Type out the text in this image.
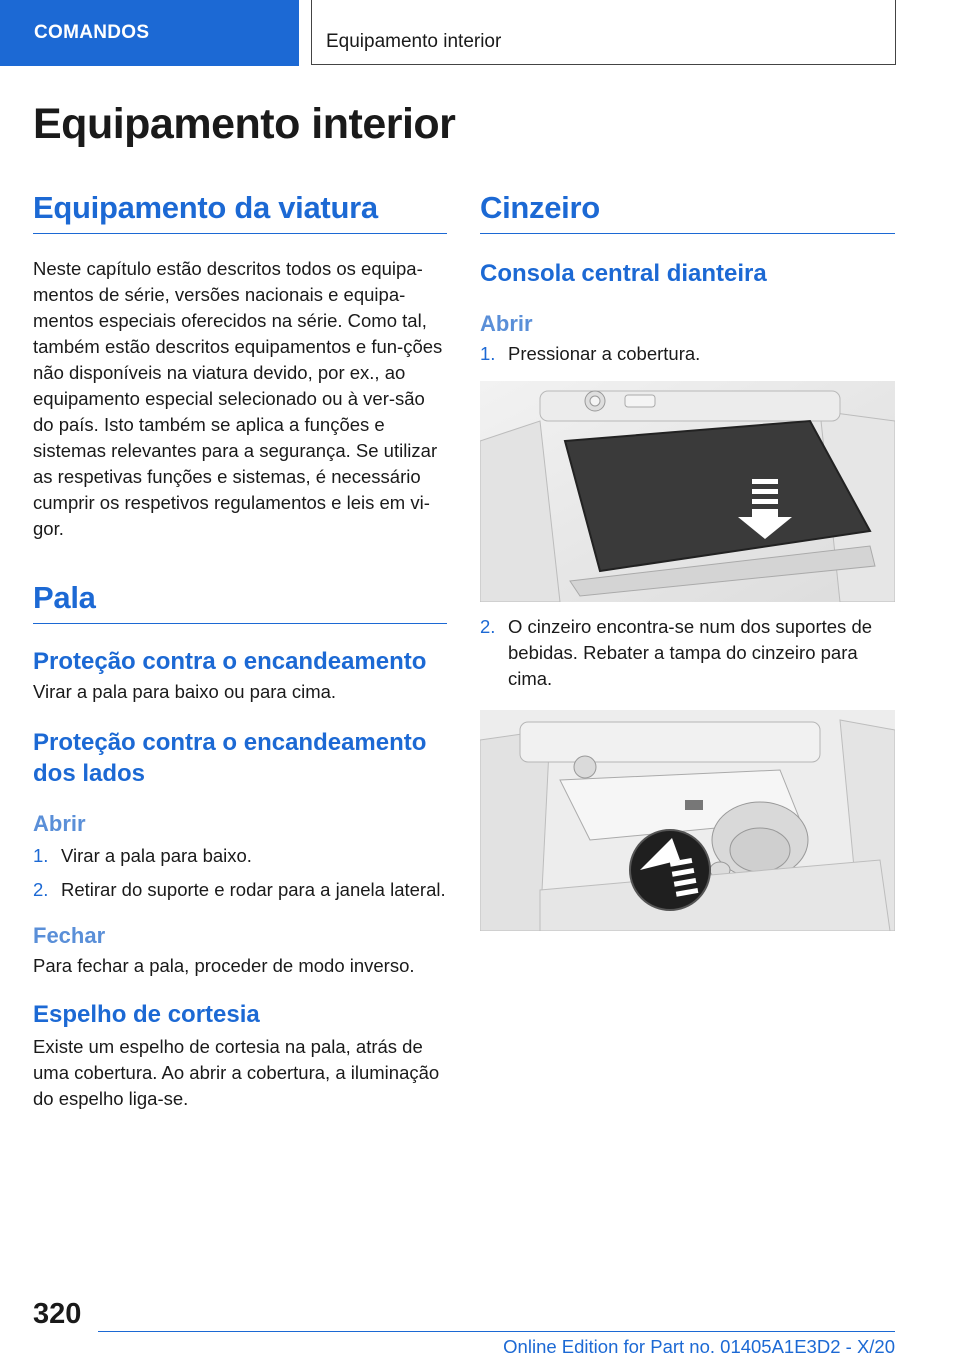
COMANDOS	Equipamento interior
Equipamento interior
Equipamento da viatura

Neste capítulo estão descritos todos os equipa-mentos de série, versões nacionais e equipa-mentos especiais oferecidos na série. Como tal, também estão descritos equipamentos e fun-ções não disponíveis na viatura devido, por ex., ao equipamento especial selecionado ou à ver-são do país. Isto também se aplica a funções e sistemas relevantes para a segurança. Se utilizar as respetivas funções e sistemas, é necessário cumprir os respetivos regulamentos e leis em vi-gor.

Pala
Proteção contra o encandeamento

Virar a pala para baixo ou para cima.

Proteção contra o encandeamento dos lados
Abrir
1. Virar a pala para baixo.
2. Retirar do suporte e rodar para a janela lateral.
Fechar

Para fechar a pala, proceder de modo inverso.

Espelho de cortesia

Existe um espelho de cortesia na pala, atrás de uma cobertura. Ao abrir a cobertura, a iluminação do espelho liga-se.

Cinzeiro
Consola central dianteira
Abrir
1. Pressionar a cobertura.
2. O cinzeiro encontra-se num dos suportes de bebidas. Rebater a tampa do cinzeiro para cima.
320
Online Edition for Part no. 01405A1E3D2 - X/20
